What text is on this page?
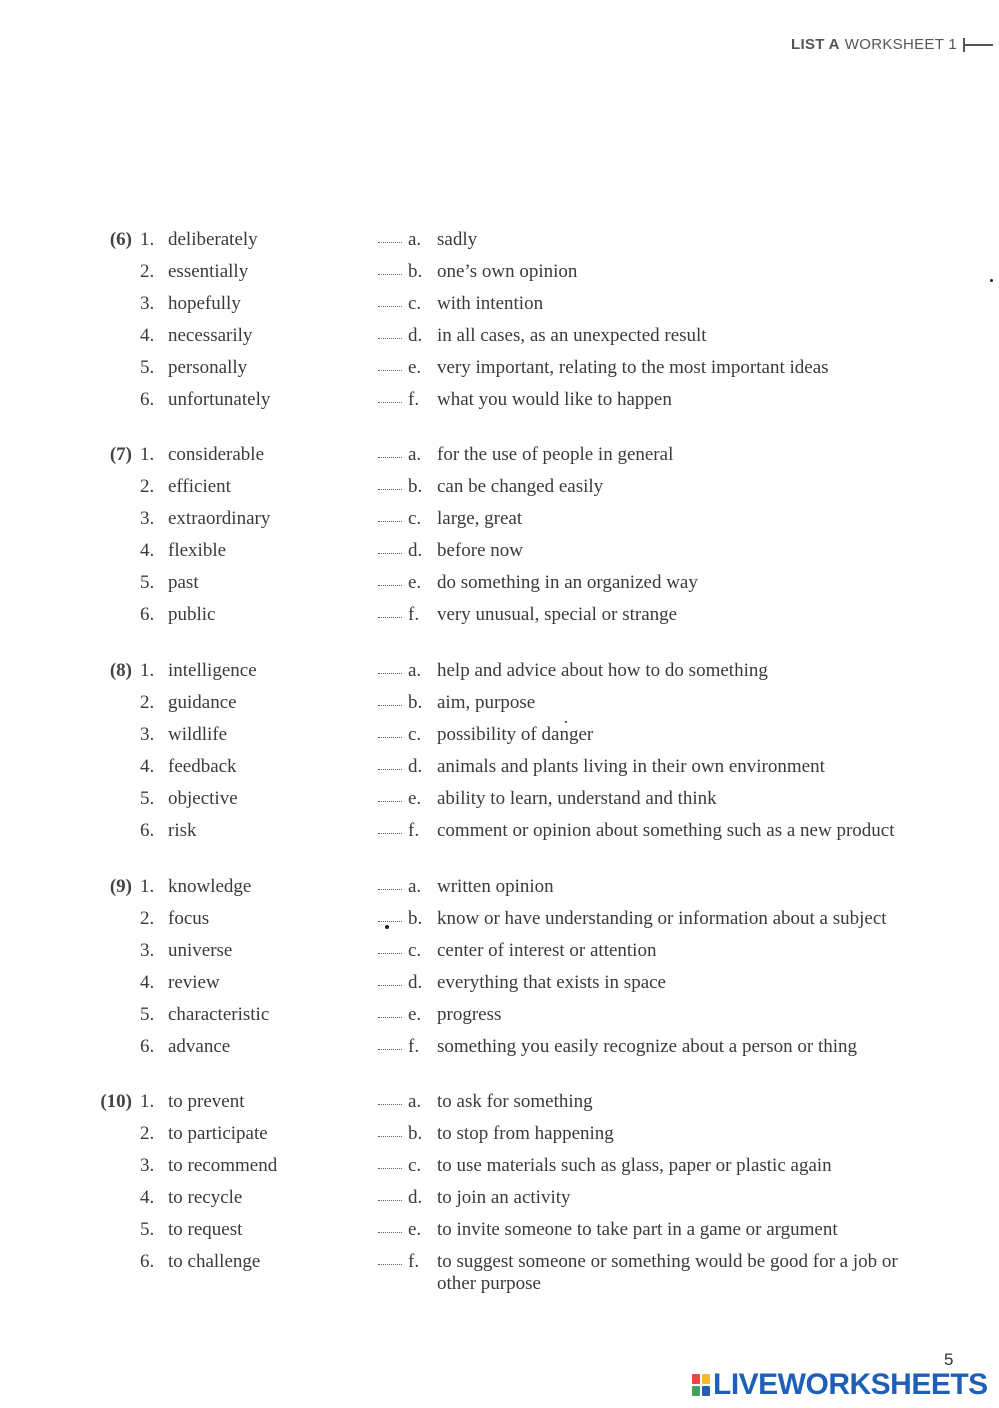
LIST A WORKSHEET 1
(6) 1. deliberately	a. sadly
2. essentially	b. one’s own opinion
3. hopefully	c. with intention
4. necessarily	d. in all cases, as an unexpected result
5. personally	e. very important, relating to the most important ideas
6. unfortunately	f. what you would like to happen
(7) 1. considerable	a. for the use of people in general
2. efficient	b. can be changed easily
3. extraordinary	c. large, great
4. flexible	d. before now
5. past	e. do something in an organized way
6. public	f. very unusual, special or strange
(8) 1. intelligence	a. help and advice about how to do something
2. guidance	b. aim, purpose
3. wildlife	c. possibility of danger
4. feedback	d. animals and plants living in their own environment
5. objective	e. ability to learn, understand and think
6. risk	f. comment or opinion about something such as a new product
(9) 1. knowledge	a. written opinion
2. focus	b. know or have understanding or information about a subject
3. universe	c. center of interest or attention
4. review	d. everything that exists in space
5. characteristic	e. progress
6. advance	f. something you easily recognize about a person or thing
(10) 1. to prevent	a. to ask for something
2. to participate	b. to stop from happening
3. to recommend	c. to use materials such as glass, paper or plastic again
4. to recycle	d. to join an activity
5. to request	e. to invite someone to take part in a game or argument
6. to challenge	f. to suggest someone or something would be good for a job or other purpose
5
LIVEWORKSHEETS
